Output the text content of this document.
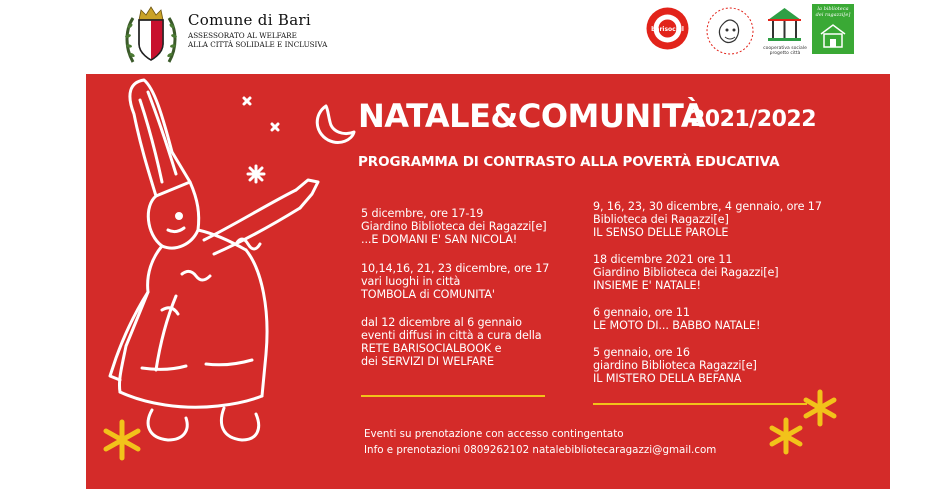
Comune di Bari
ASSESSORATO AL WELFARE
ALLA CITTÀ SOLIDALE E INCLUSIVA
barisocial
cooperativa sociale progetto città
la biblioteca dei ragazzi[e]
NATALE&COMUNITÀ
2021/2022
PROGRAMMA DI CONTRASTO ALLA POVERTÀ EDUCATIVA
5 dicembre, ore 17-19
Giardino Biblioteca dei Ragazzi[e]
...E DOMANI E' SAN NICOLA!
10,14,16, 21, 23 dicembre, ore 17
vari luoghi in città
TOMBOLA di COMUNITA'
dal 12 dicembre al 6 gennaio
eventi diffusi in città a cura della
RETE BARISOCIALBOOK e
dei SERVIZI DI WELFARE
9, 16, 23, 30 dicembre, 4 gennaio, ore 17
Biblioteca dei Ragazzi[e]
IL SENSO DELLE PAROLE
18 dicembre 2021 ore 11
Giardino Biblioteca dei Ragazzi[e]
INSIEME E' NATALE!
6 gennaio, ore 11
LE MOTO DI... BABBO NATALE!
5 gennaio, ore 16
giardino Biblioteca Ragazzi[e]
IL MISTERO DELLA BEFANA
Eventi su prenotazione con accesso contingentato
Info e prenotazioni 0809262102 natalebibliotecaragazzi@gmail.com
